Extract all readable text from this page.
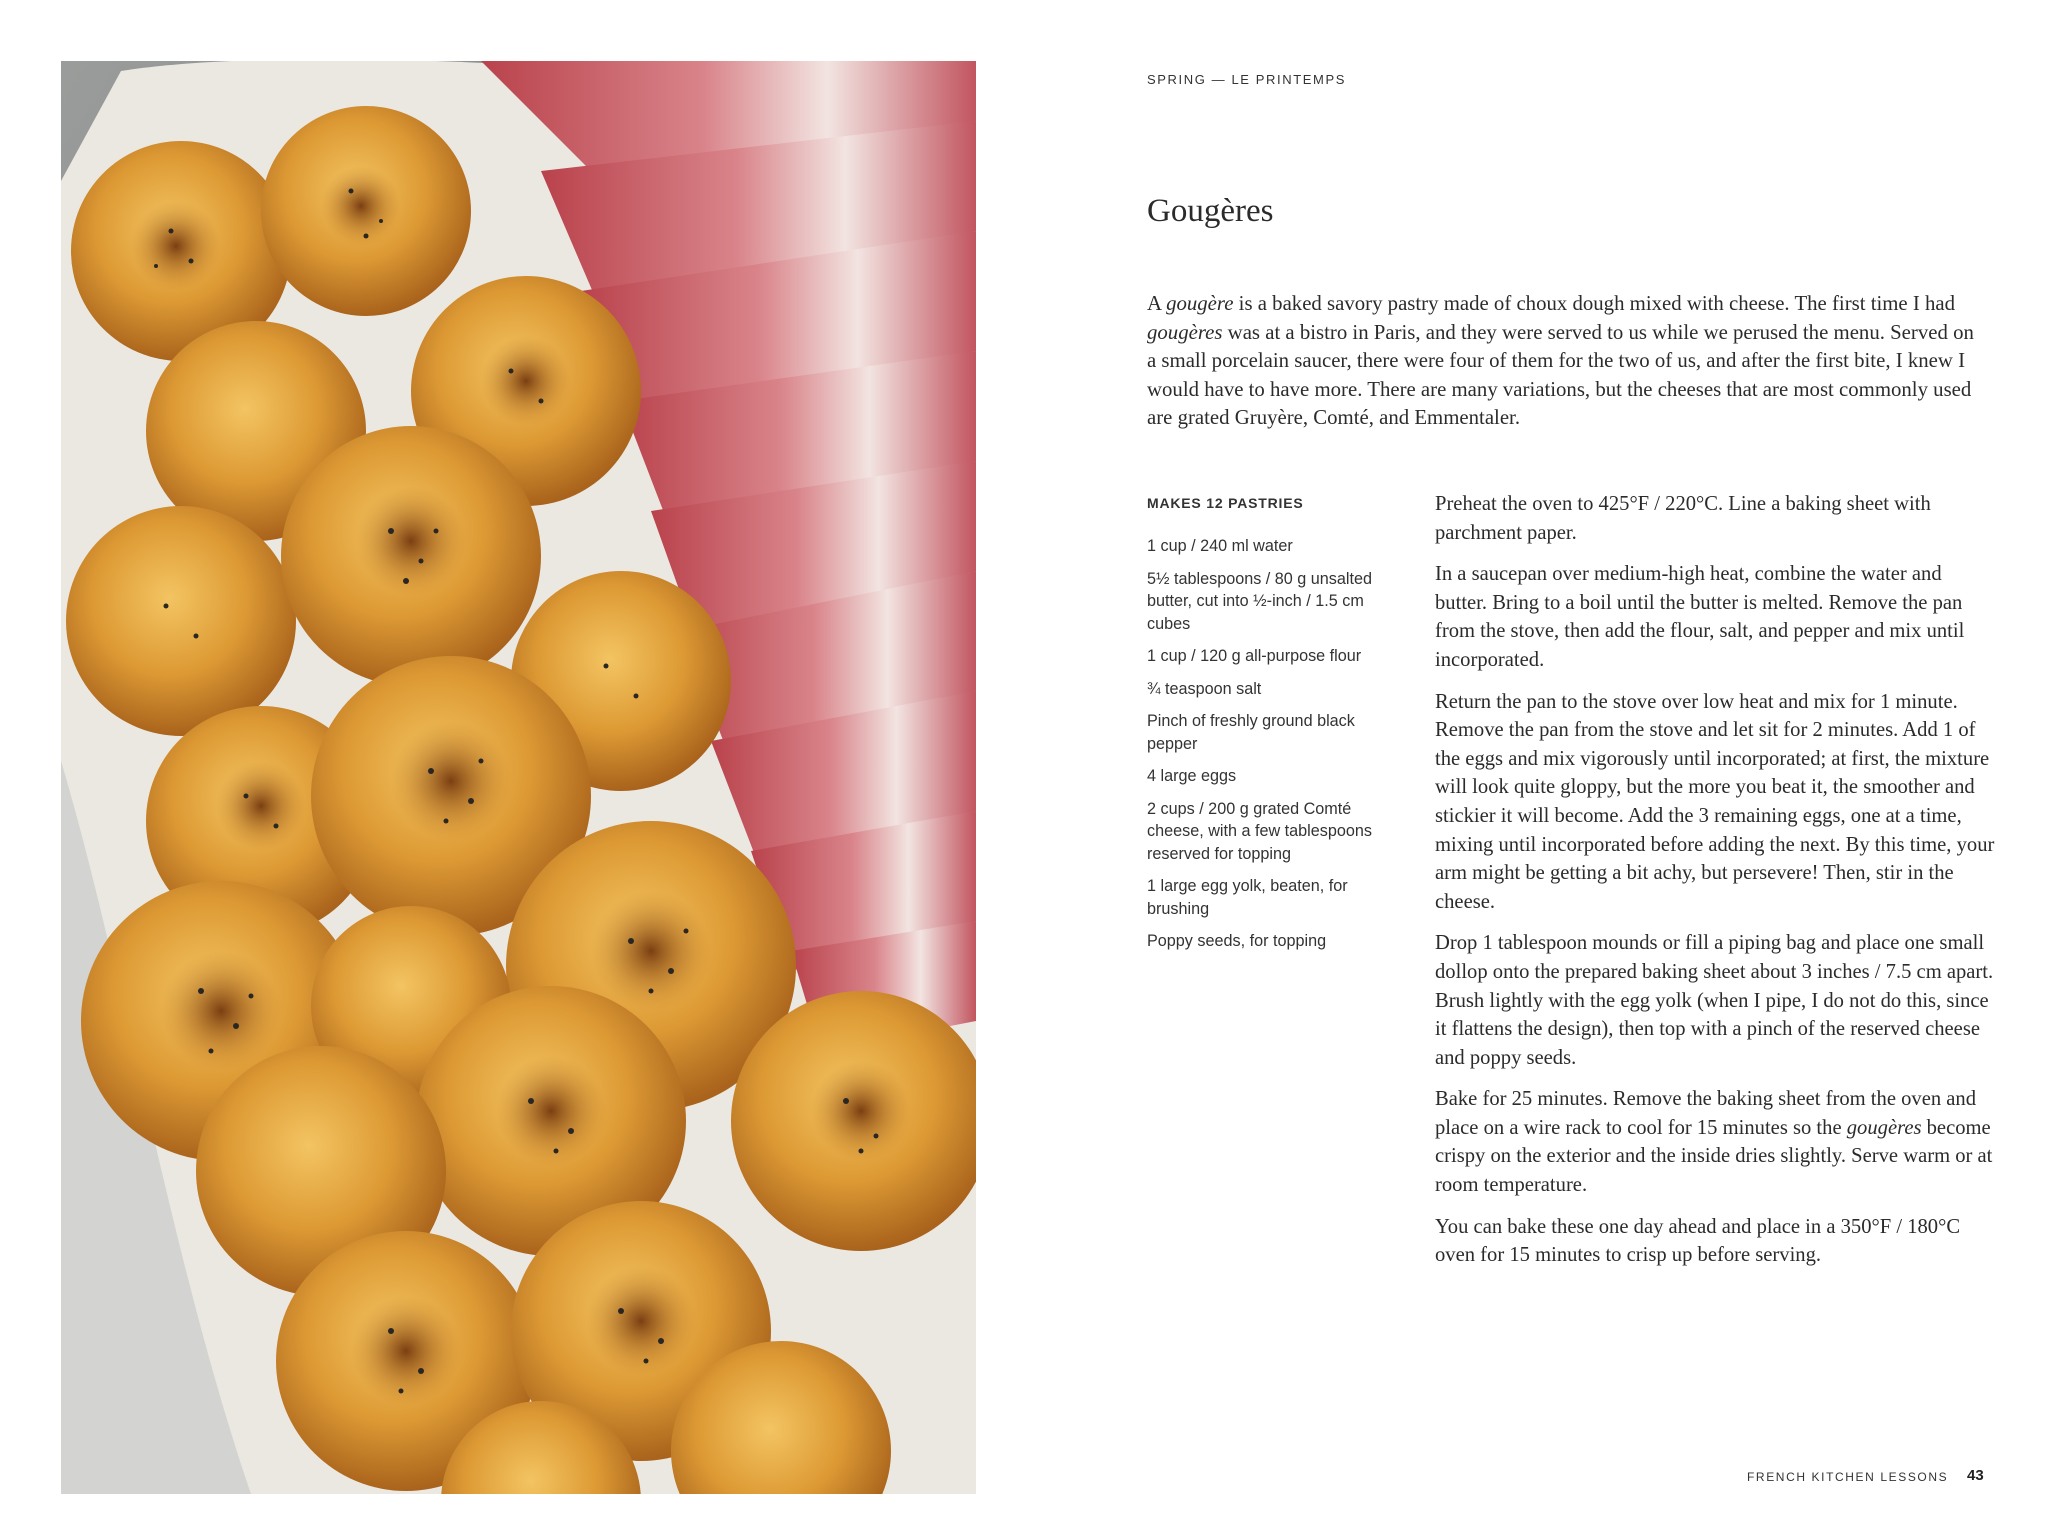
SPRING — LE PRINTEMPS
Gougères

A gougère is a baked savory pastry made of choux dough mixed with cheese. The first time I had gougères was at a bistro in Paris, and they were served to us while we perused the menu. Served on a small porcelain saucer, there were four of them for the two of us, and after the first bite, I knew I would have to have more. There are many variations, but the cheeses that are most commonly used are grated Gruyère, Comté, and Emmentaler.

MAKES 12 PASTRIES
1 cup / 240 ml water
5½ tablespoons / 80 g unsalted butter, cut into ½-inch / 1.5 cm cubes
1 cup / 120 g all-purpose flour
¾ teaspoon salt
Pinch of freshly ground black pepper
4 large eggs
2 cups / 200 g grated Comté cheese, with a few tablespoons reserved for topping
1 large egg yolk, beaten, for brushing
Poppy seeds, for topping

Preheat the oven to 425°F / 220°C. Line a baking sheet with parchment paper.

In a saucepan over medium-high heat, combine the water and butter. Bring to a boil until the butter is melted. Remove the pan from the stove, then add the flour, salt, and pepper and mix until incorporated.

Return the pan to the stove over low heat and mix for 1 minute. Remove the pan from the stove and let sit for 2 minutes. Add 1 of the eggs and mix vigorously until incorporated; at first, the mixture will look quite gloppy, but the more you beat it, the smoother and stickier it will become. Add the 3 remaining eggs, one at a time, mixing until incorporated before adding the next. By this time, your arm might be getting a bit achy, but persevere! Then, stir in the cheese.

Drop 1 tablespoon mounds or fill a piping bag and place one small dollop onto the prepared baking sheet about 3 inches / 7.5 cm apart. Brush lightly with the egg yolk (when I pipe, I do not do this, since it flattens the design), then top with a pinch of the reserved cheese and poppy seeds.

Bake for 25 minutes. Remove the baking sheet from the oven and place on a wire rack to cool for 15 minutes so the gougères become crispy on the exterior and the inside dries slightly. Serve warm or at room temperature.

You can bake these one day ahead and place in a 350°F / 180°C oven for 15 minutes to crisp up before serving.

FRENCH KITCHEN LESSONS 43
